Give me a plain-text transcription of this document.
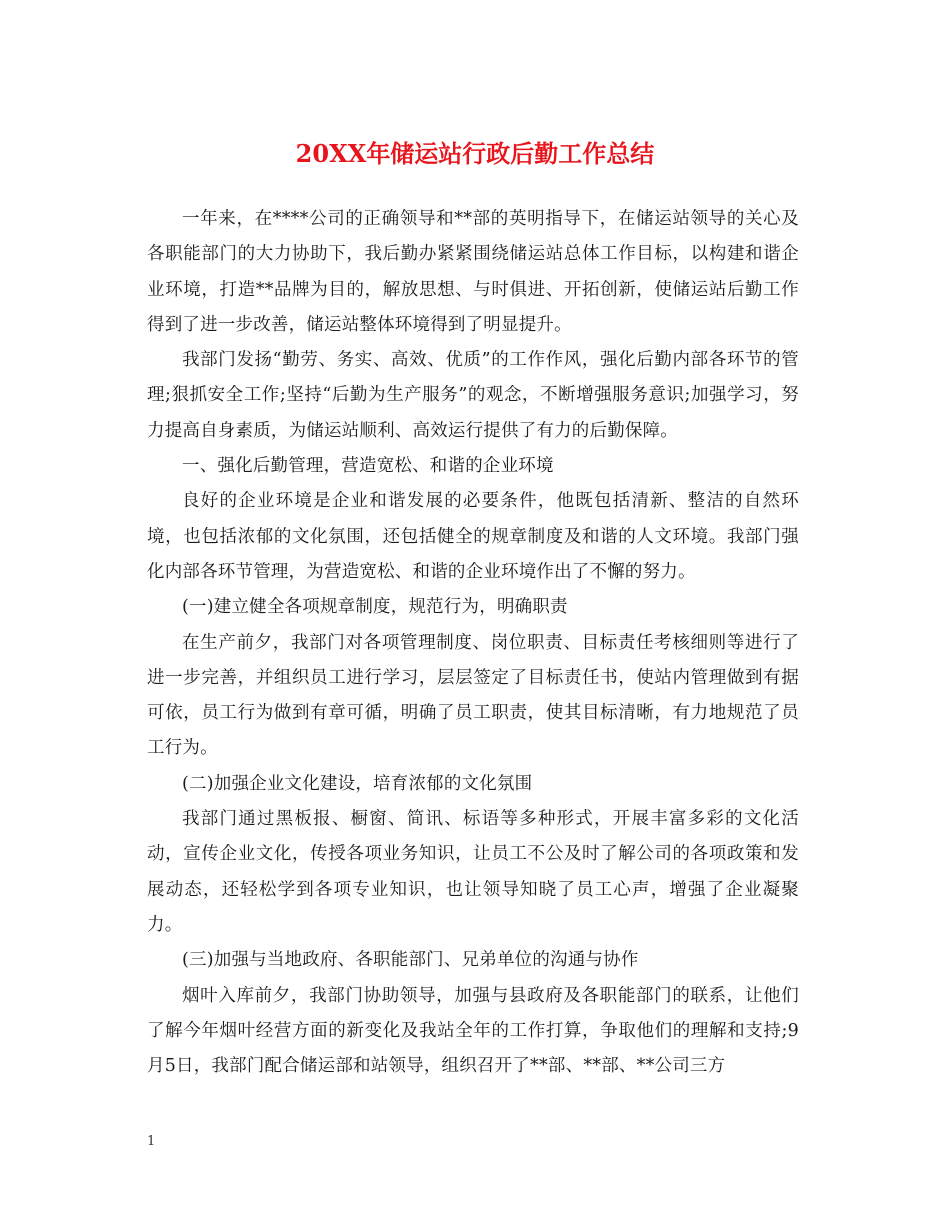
20XX年储运站行政后勤工作总结

一年来，在****公司的正确领导和**部的英明指导下，在储运站领导的关心及各职能部门的大力协助下，我后勤办紧紧围绕储运站总体工作目标，以构建和谐企业环境，打造**品牌为目的，解放思想、与时俱进、开拓创新，使储运站后勤工作得到了进一步改善，储运站整体环境得到了明显提升。

我部门发扬“勤劳、务实、高效、优质”的工作作风，强化后勤内部各环节的管理;狠抓安全工作;坚持“后勤为生产服务”的观念，不断增强服务意识;加强学习，努力提高自身素质，为储运站顺利、高效运行提供了有力的后勤保障。

一、强化后勤管理，营造宽松、和谐的企业环境

良好的企业环境是企业和谐发展的必要条件，他既包括清新、整洁的自然环境，也包括浓郁的文化氛围，还包括健全的规章制度及和谐的人文环境。我部门强化内部各环节管理，为营造宽松、和谐的企业环境作出了不懈的努力。

(一)建立健全各项规章制度，规范行为，明确职责

在生产前夕，我部门对各项管理制度、岗位职责、目标责任考核细则等进行了进一步完善，并组织员工进行学习，层层签定了目标责任书，使站内管理做到有据可依，员工行为做到有章可循，明确了员工职责，使其目标清晰，有力地规范了员工行为。

(二)加强企业文化建设，培育浓郁的文化氛围

我部门通过黑板报、橱窗、简讯、标语等多种形式，开展丰富多彩的文化活动，宣传企业文化，传授各项业务知识，让员工不公及时了解公司的各项政策和发展动态，还轻松学到各项专业知识，也让领导知晓了员工心声，增强了企业凝聚力。

(三)加强与当地政府、各职能部门、兄弟单位的沟通与协作

烟叶入库前夕，我部门协助领导，加强与县政府及各职能部门的联系，让他们了解今年烟叶经营方面的新变化及我站全年的工作打算，争取他们的理解和支持;9月5日，我部门配合储运部和站领导，组织召开了**部、**部、**公司三方

1
